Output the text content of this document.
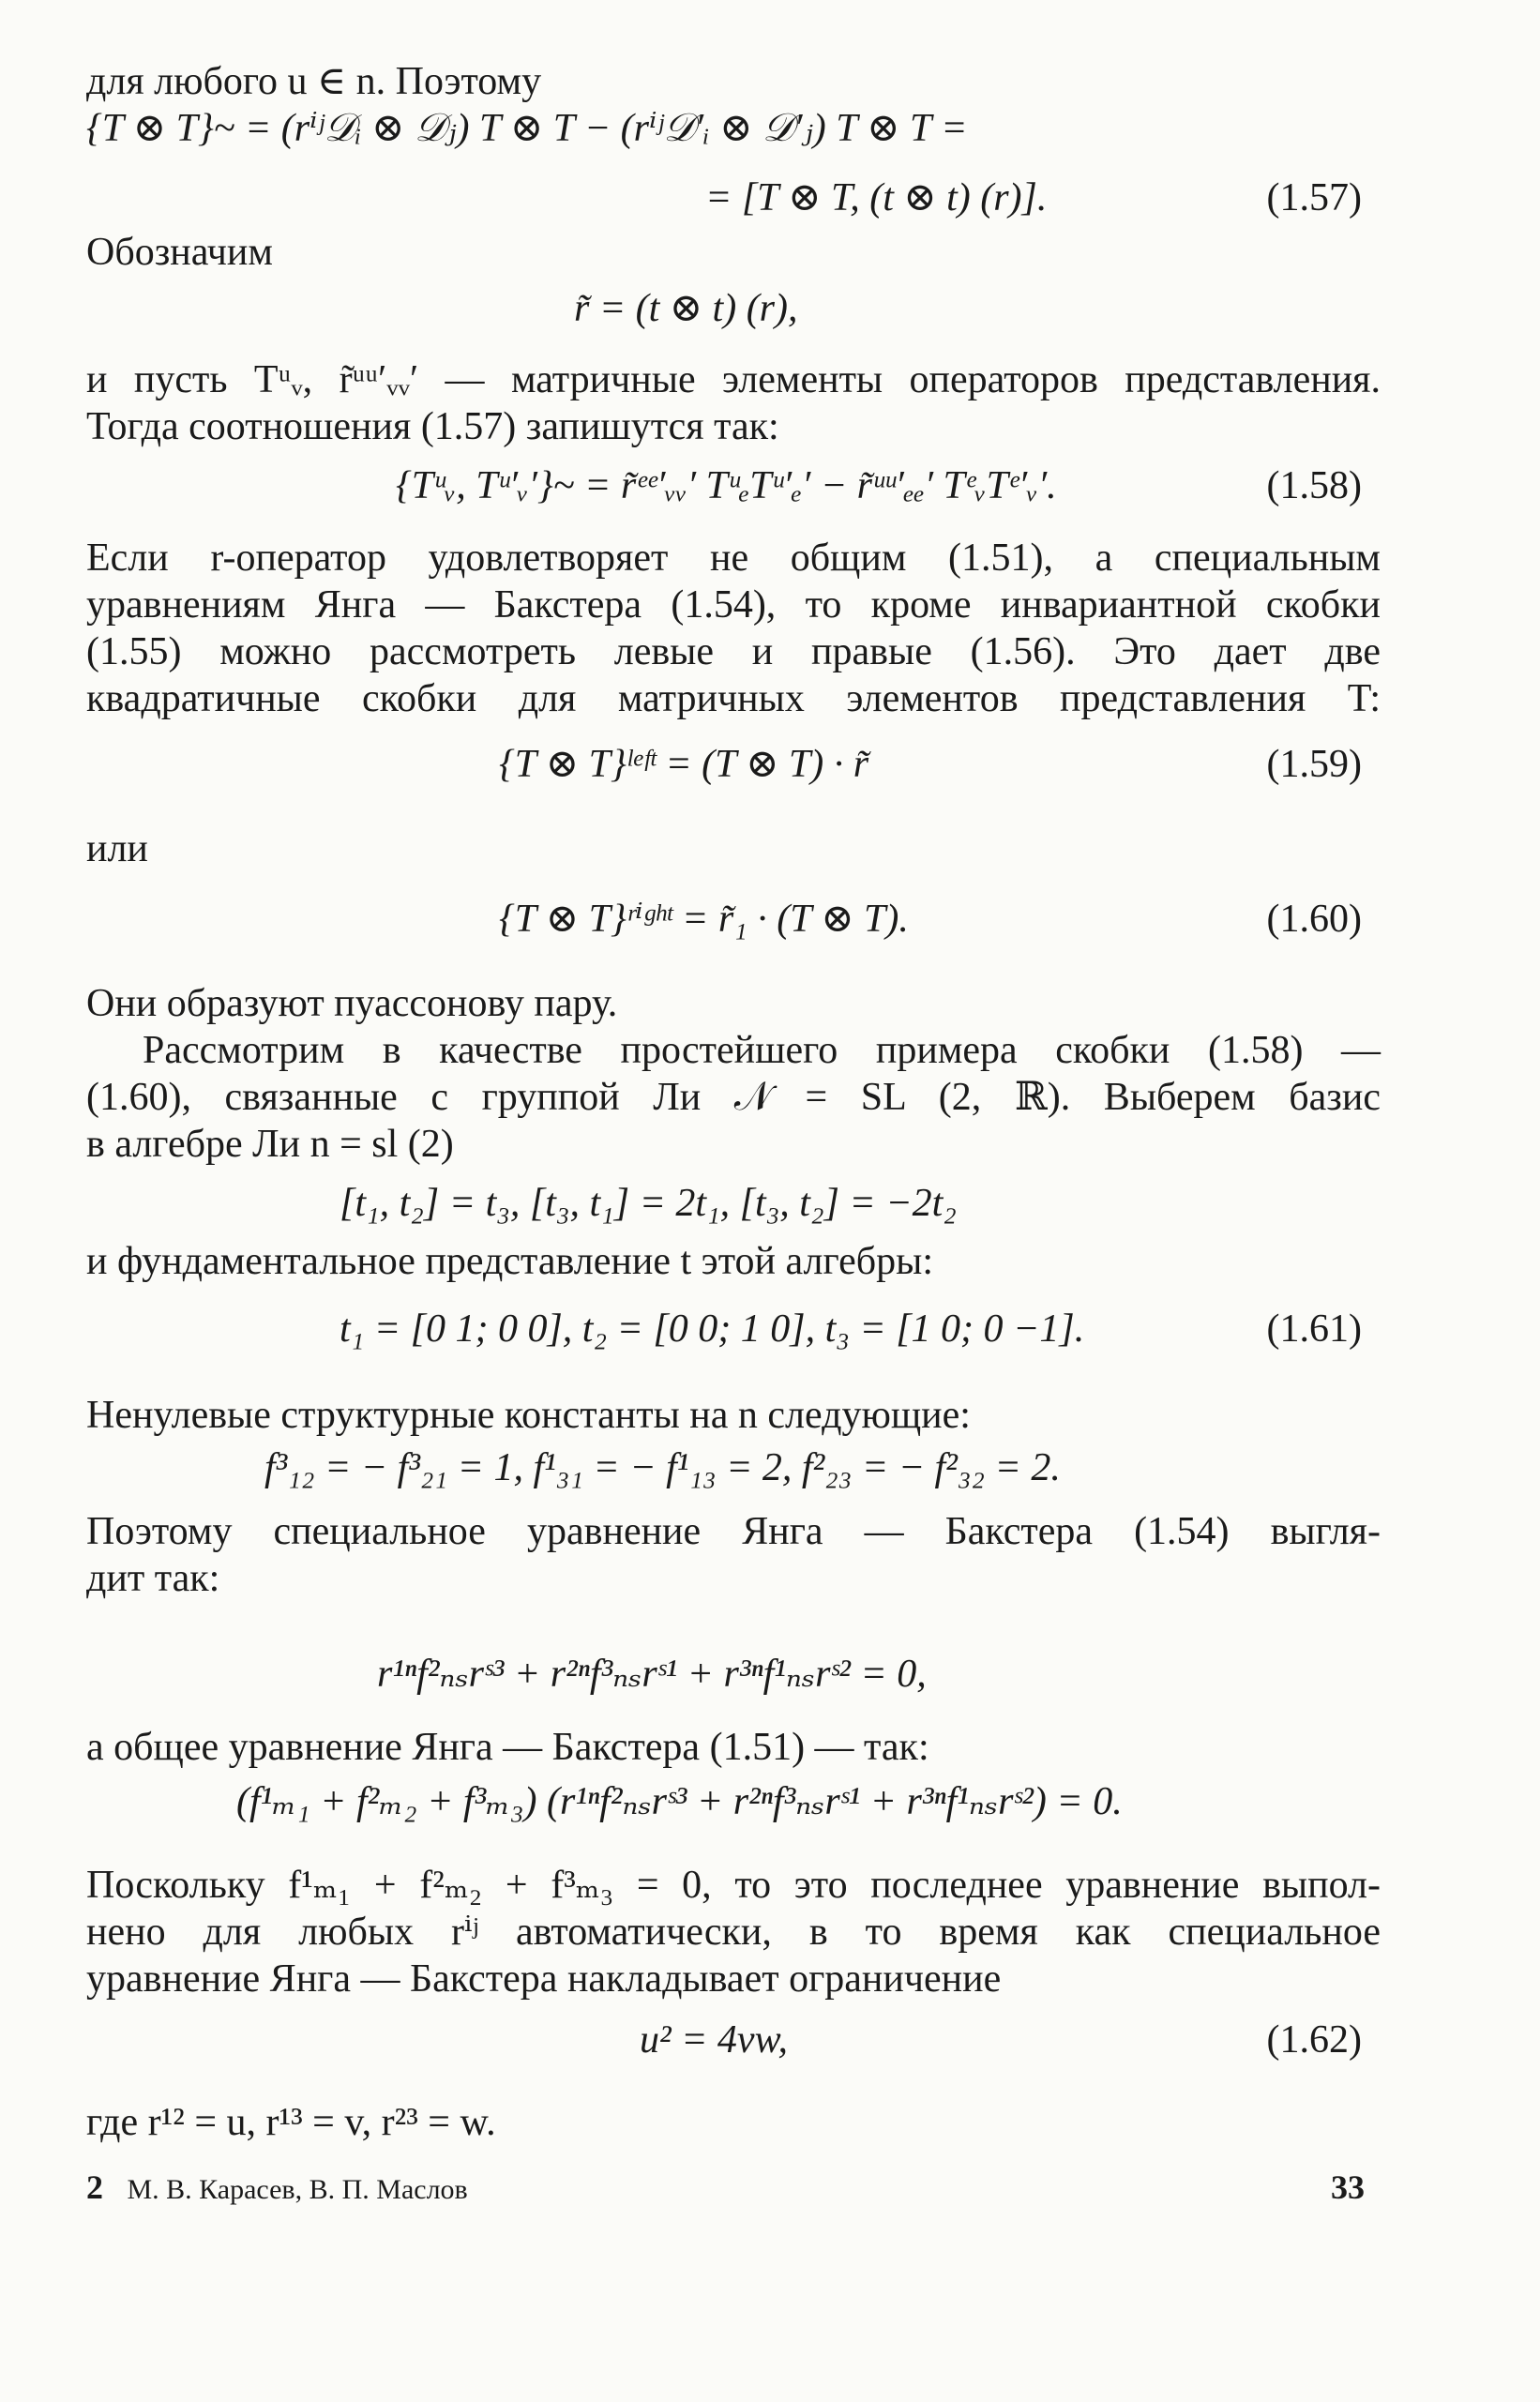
для любого u ∈ n. Поэтому
{T ⊗ T}~ = (rⁱʲ𝒟ᵢ ⊗ 𝒟ⱼ) T ⊗ T − (rⁱʲ𝒟′ᵢ ⊗ 𝒟′ⱼ) T ⊗ T =
= [T ⊗ T, (t ⊗ t) (r)].	(1.57)
Обозначим
r̃ = (t ⊗ t) (r),
и пусть Tᵘᵥ, r̃ᵘᵘ′ᵥᵥ′ — матричные элементы операторов представления.
Тогда соотношения (1.57) запишутся так:
{Tᵘᵥ, Tᵘ′ᵥ′}~ = r̃ᵉᵉ′ᵥᵥ′ TᵘₑTᵘ′ₑ′ − r̃ᵘᵘ′ₑₑ′ TᵉᵥTᵉ′ᵥ′.	(1.58)
Если r-оператор удовлетворяет не общим (1.51), а специальным
уравнениям Янга — Бакстера (1.54), то кроме инвариантной скобки
(1.55) можно рассмотреть левые и правые (1.56). Это дает две
квадратичные скобки для матричных элементов представления T:
{T ⊗ T}ˡᵉᶠᵗ = (T ⊗ T) · r̃	(1.59)
или
{T ⊗ T}ʳⁱᵍʰᵗ = r̃₁ · (T ⊗ T).	(1.60)
Они образуют пуассонову пару.
Рассмотрим в качестве простейшего примера скобки (1.58) —
(1.60), связанные с группой Ли 𝒩 = SL (2, ℝ). Выберем базис
в алгебре Ли n = sl (2)
[t₁, t₂] = t₃, [t₃, t₁] = 2t₁, [t₃, t₂] = −2t₂
и фундаментальное представление t этой алгебры:
t₁ = [0 1; 0 0], t₂ = [0 0; 1 0], t₃ = [1 0; 0 −1].	(1.61)
Ненулевые структурные константы на n следующие:
f³₁₂ = − f³₂₁ = 1, f¹₃₁ = − f¹₁₃ = 2, f²₂₃ = − f²₃₂ = 2.
Поэтому специальное уравнение Янга — Бакстера (1.54) выгля-
дит так:
r¹ⁿf²ₙₛrˢ³ + r²ⁿf³ₙₛrˢ¹ + r³ⁿf¹ₙₛrˢ² = 0,
а общее уравнение Янга — Бакстера (1.51) — так:
(f¹ₘ₁ + f²ₘ₂ + f³ₘ₃) (r¹ⁿf²ₙₛrˢ³ + r²ⁿf³ₙₛrˢ¹ + r³ⁿf¹ₙₛrˢ²) = 0.
Поскольку f¹ₘ₁ + f²ₘ₂ + f³ₘ₃ = 0, то это последнее уравнение выпол-
нено для любых rⁱʲ автоматически, в то время как специальное
уравнение Янга — Бакстера накладывает ограничение
u² = 4vw,	(1.62)
где r¹² = u, r¹³ = v, r²³ = w.
2 М. В. Карасев, В. П. Маслов	33
